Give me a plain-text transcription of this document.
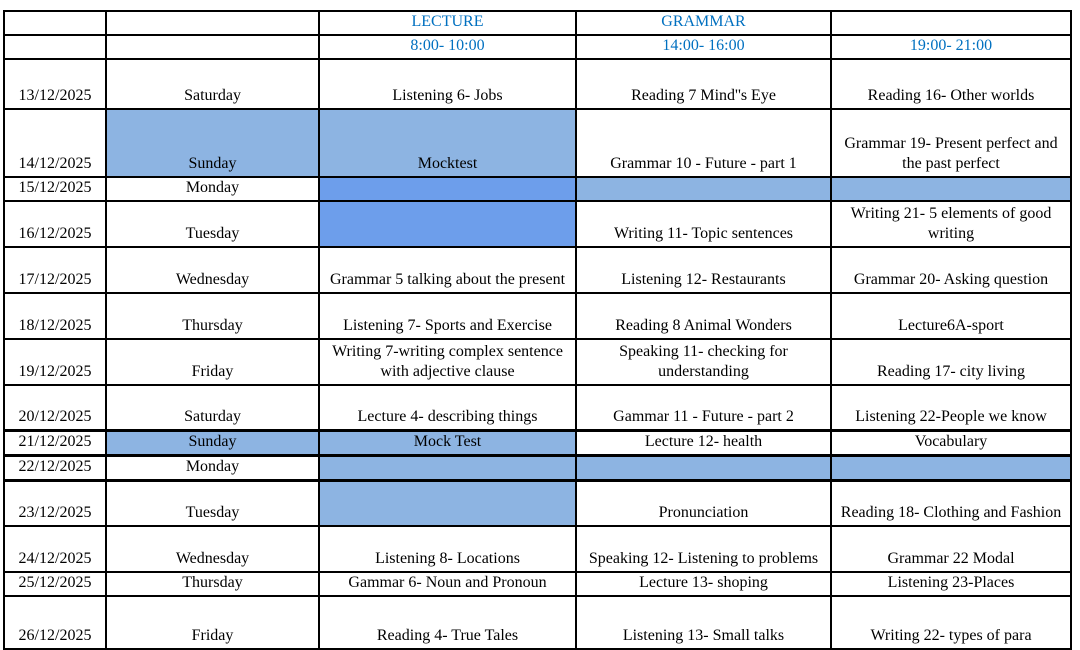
		LECTURE	GRAMMAR	
		8:00- 10:00	14:00- 16:00	19:00- 21:00
13/12/2025	Saturday	Listening 6- Jobs	Reading 7 Mind''s Eye	Reading 16- Other worlds
14/12/2025	Sunday	Mocktest	Grammar 10 - Future - part 1	Grammar 19- Present perfect and the past perfect
15/12/2025	Monday			
16/12/2025	Tuesday		Writing 11- Topic sentences	Writing 21- 5 elements of good writing
17/12/2025	Wednesday	Grammar 5 talking about the present	Listening 12- Restaurants	Grammar 20- Asking question
18/12/2025	Thursday	Listening 7- Sports and Exercise	Reading 8 Animal Wonders	Lecture6A-sport
19/12/2025	Friday	Writing 7-writing complex sentence with adjective clause	Speaking 11- checking for understanding	Reading 17- city living
20/12/2025	Saturday	Lecture 4- describing things	Gammar 11 - Future - part 2	Listening 22-People we know
21/12/2025	Sunday	Mock Test	Lecture 12- health	Vocabulary
22/12/2025	Monday			
23/12/2025	Tuesday		Pronunciation	Reading 18- Clothing and Fashion
24/12/2025	Wednesday	Listening 8- Locations	Speaking 12- Listening to problems	Grammar 22 Modal
25/12/2025	Thursday	Gammar 6- Noun and Pronoun	Lecture 13- shoping	Listening 23-Places
26/12/2025	Friday	Reading 4- True Tales	Listening 13- Small talks	Writing 22- types of para
